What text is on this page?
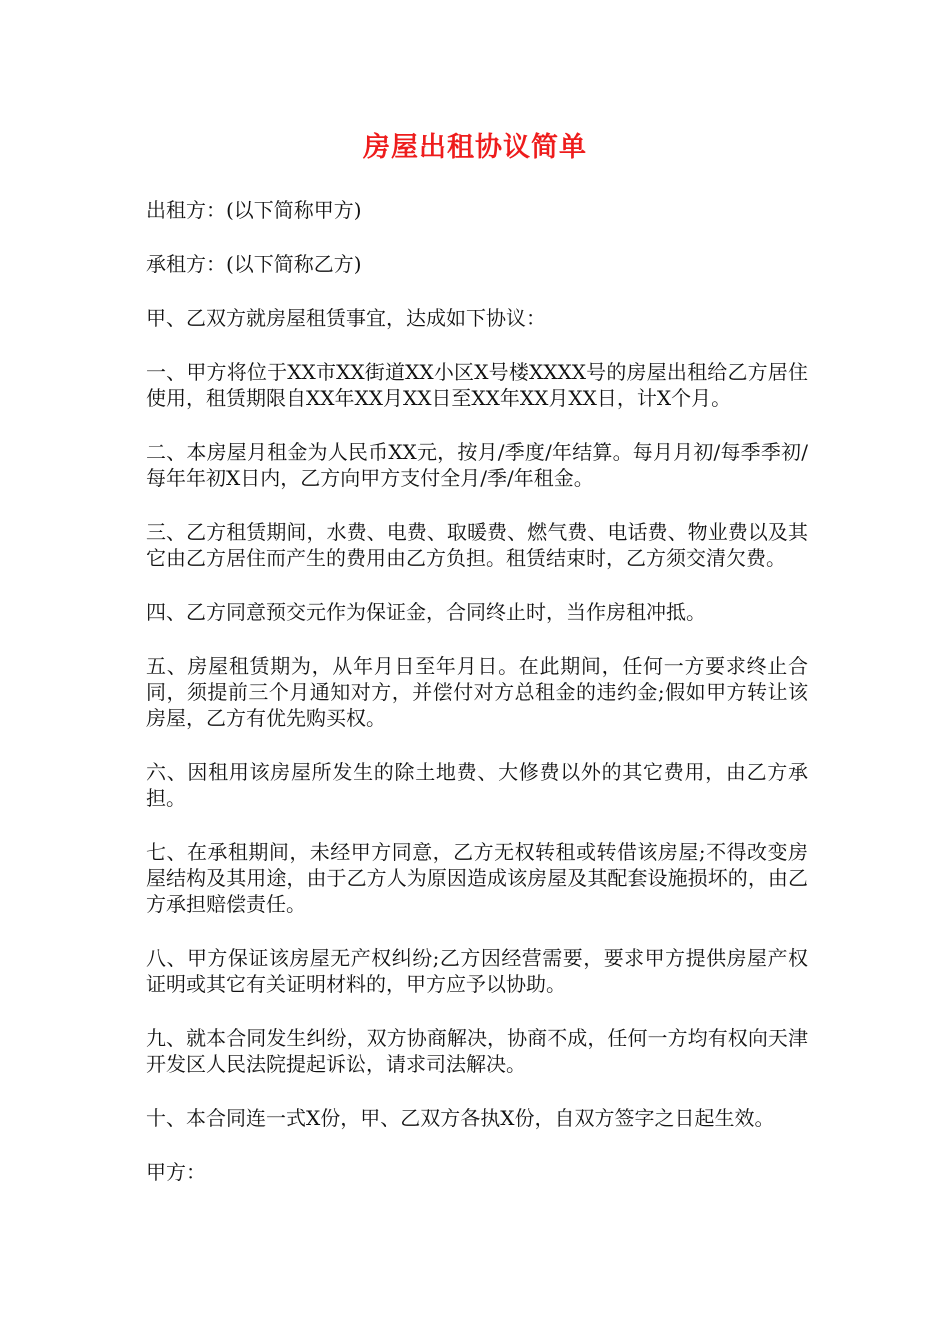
房屋出租协议简单

出租方：(以下简称甲方)

承租方：(以下简称乙方)

甲、乙双方就房屋租赁事宜，达成如下协议：

一、甲方将位于XX市XX街道XX小区X号楼XXXX号的房屋出租给乙方居住使用，租赁期限自XX年XX月XX日至XX年XX月XX日，计X个月。

二、本房屋月租金为人民币XX元，按月/季度/年结算。每月月初/每季季初/每年年初X日内，乙方向甲方支付全月/季/年租金。

三、乙方租赁期间，水费、电费、取暖费、燃气费、电话费、物业费以及其它由乙方居住而产生的费用由乙方负担。租赁结束时，乙方须交清欠费。

四、乙方同意预交元作为保证金，合同终止时，当作房租冲抵。

五、房屋租赁期为，从年月日至年月日。在此期间，任何一方要求终止合同，须提前三个月通知对方，并偿付对方总租金的违约金;假如甲方转让该房屋，乙方有优先购买权。

六、因租用该房屋所发生的除土地费、大修费以外的其它费用，由乙方承担。

七、在承租期间，未经甲方同意，乙方无权转租或转借该房屋;不得改变房屋结构及其用途，由于乙方人为原因造成该房屋及其配套设施损坏的，由乙方承担赔偿责任。

八、甲方保证该房屋无产权纠纷;乙方因经营需要，要求甲方提供房屋产权证明或其它有关证明材料的，甲方应予以协助。

九、就本合同发生纠纷，双方协商解决，协商不成，任何一方均有权向天津开发区人民法院提起诉讼，请求司法解决。

十、本合同连一式X份，甲、乙双方各执X份，自双方签字之日起生效。

甲方：
